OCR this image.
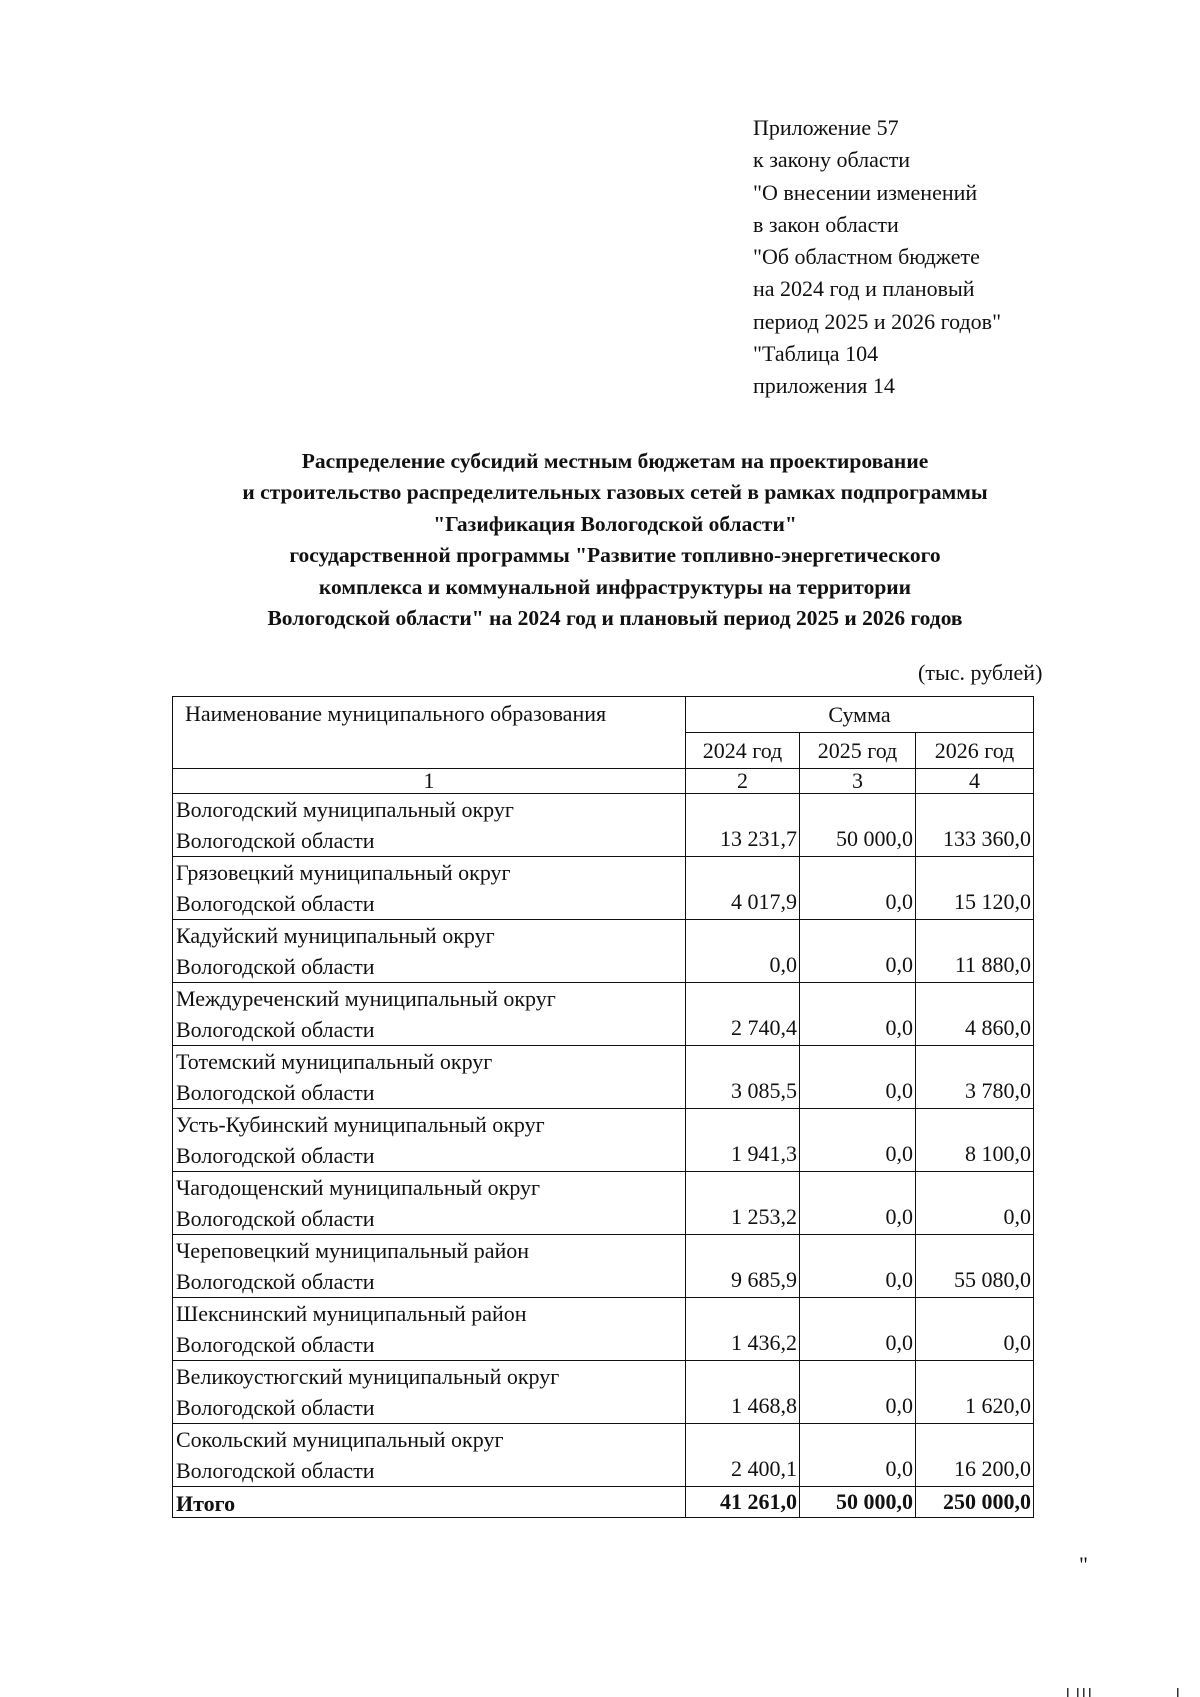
Приложение 57
к закону области
"О внесении изменений
в закон области
"Об областном бюджете
на 2024 год и плановый
период 2025 и 2026 годов"
"Таблица 104
приложения 14
Распределение субсидий местным бюджетам на проектирование
и строительство распределительных газовых сетей в рамках подпрограммы
"Газификация Вологодской области"
государственной программы "Развитие топливно-энергетического
комплекса и коммунальной инфраструктуры на территории
Вологодской области" на 2024 год и плановый период 2025 и 2026 годов
(тыс. рублей)
Наименование муниципального образования	Сумма		
	2024 год	2025 год	2026 год
1	2	3	4

Вологодский муниципальный округ
Вологодской области	13 231,7	50 000,0	133 360,0

Грязовецкий муниципальный округ
Вологодской области	4 017,9	0,0	15 120,0

Кадуйский муниципальный округ
Вологодской области	0,0	0,0	11 880,0

Междуреченский муниципальный округ
Вологодской области	2 740,4	0,0	4 860,0

Тотемский муниципальный округ
Вологодской области	3 085,5	0,0	3 780,0

Усть-Кубинский муниципальный округ
Вологодской области	1 941,3	0,0	8 100,0

Чагодощенский муниципальный округ
Вологодской области	1 253,2	0,0	0,0

Череповецкий муниципальный район
Вологодской области	9 685,9	0,0	55 080,0

Шекснинский муниципальный район
Вологодской области	1 436,2	0,0	0,0

Великоустюгский муниципальный округ
Вологодской области	1 468,8	0,0	1 620,0

Сокольский муниципальный округ
Вологодской области	2 400,1	0,0	16 200,0
Итого	41 261,0	50 000,0	250 000,0
"
